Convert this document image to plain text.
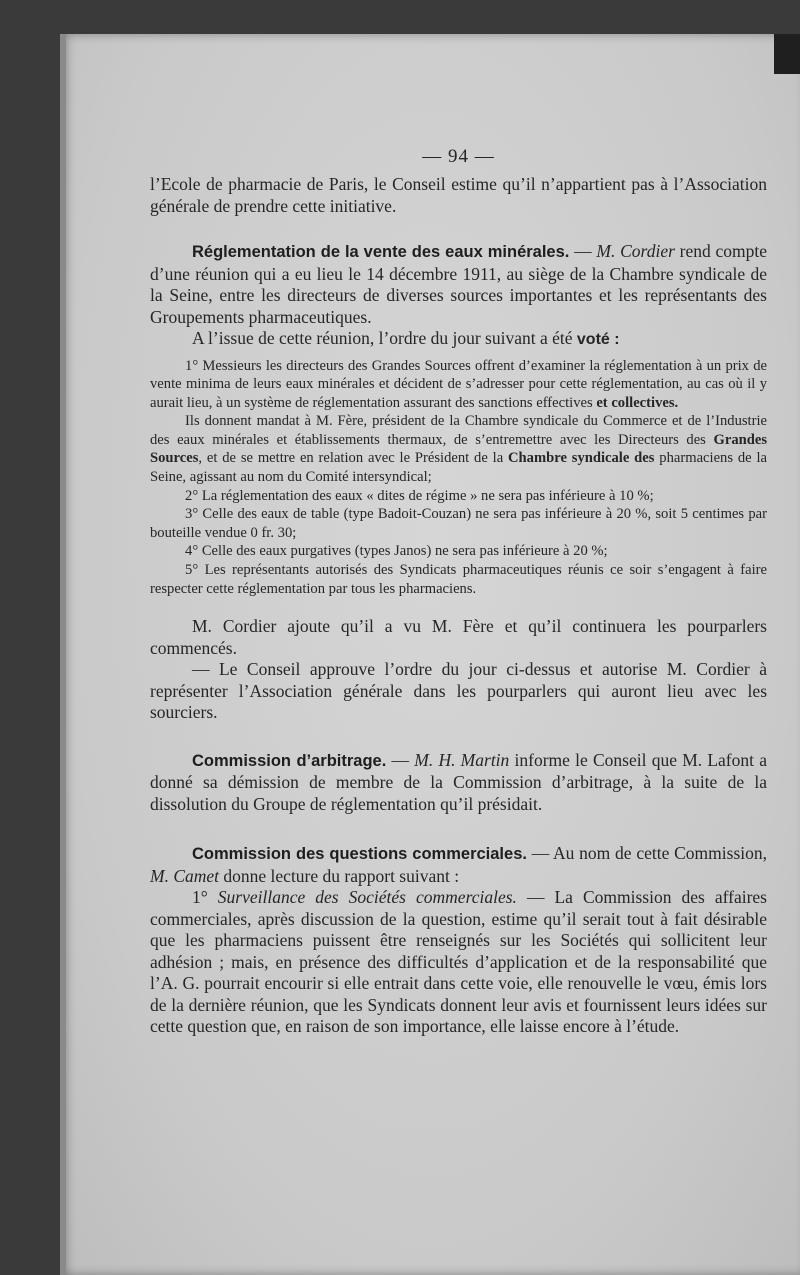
— 94 —

l’Ecole de pharmacie de Paris, le Conseil estime qu’il n’appartient pas à l’Association générale de prendre cette initiative.

Réglementation de la vente des eaux minérales. — M. Cordier rend compte d’une réunion qui a eu lieu le 14 décembre 1911, au siège de la Chambre syndicale de la Seine, entre les directeurs de diverses sources importantes et les représentants des Groupements pharmaceutiques.

A l’issue de cette réunion, l’ordre du jour suivant a été voté :

1° Messieurs les directeurs des Grandes Sources offrent d’examiner la réglementation à un prix de vente minima de leurs eaux minérales et décident de s’adresser pour cette réglementation, au cas où il y aurait lieu, à un système de réglementation assurant des sanctions effectives et collectives.

Ils donnent mandat à M. Fère, président de la Chambre syndicale du Commerce et de l’Industrie des eaux minérales et établissements thermaux, de s’entremettre avec les Directeurs des Grandes Sources, et de se mettre en relation avec le Président de la Chambre syndicale des pharmaciens de la Seine, agissant au nom du Comité intersyndical;

2° La réglementation des eaux « dites de régime » ne sera pas inférieure à 10 %;

3° Celle des eaux de table (type Badoit-Couzan) ne sera pas inférieure à 20 %, soit 5 centimes par bouteille vendue 0 fr. 30;

4° Celle des eaux purgatives (types Janos) ne sera pas inférieure à 20 %;

5° Les représentants autorisés des Syndicats pharmaceutiques réunis ce soir s’engagent à faire respecter cette réglementation par tous les pharmaciens.

M. Cordier ajoute qu’il a vu M. Fère et qu’il continuera les pourparlers commencés.

— Le Conseil approuve l’ordre du jour ci-dessus et autorise M. Cordier à représenter l’Association générale dans les pourparlers qui auront lieu avec les sourciers.

Commission d’arbitrage. — M. H. Martin informe le Conseil que M. Lafont a donné sa démission de membre de la Commission d’arbitrage, à la suite de la dissolution du Groupe de réglementation qu’il présidait.

Commission des questions commerciales. — Au nom de cette Commission, M. Camet donne lecture du rapport suivant :

1° Surveillance des Sociétés commerciales. — La Commission des affaires commerciales, après discussion de la question, estime qu’il serait tout à fait désirable que les pharmaciens puissent être renseignés sur les Sociétés qui sollicitent leur adhésion ; mais, en présence des difficultés d’application et de la responsabilité que l’A. G. pourrait encourir si elle entrait dans cette voie, elle renouvelle le vœu, émis lors de la dernière réunion, que les Syndicats donnent leur avis et fournissent leurs idées sur cette question que, en raison de son importance, elle laisse encore à l’étude.
